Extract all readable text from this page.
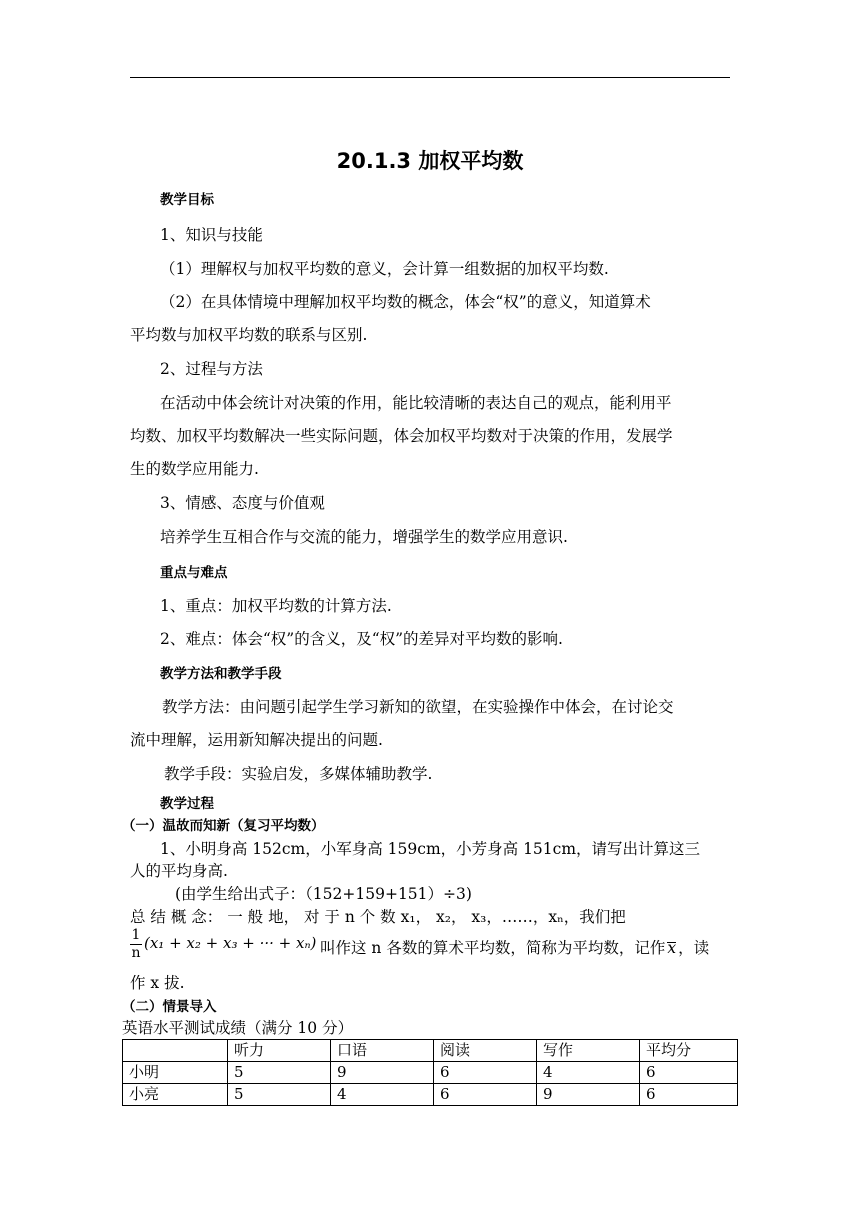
20.1.3 加权平均数
教学目标
1、知识与技能
（1）理解权与加权平均数的意义，会计算一组数据的加权平均数.
（2）在具体情境中理解加权平均数的概念，体会“权”的意义，知道算术
平均数与加权平均数的联系与区别.
2、过程与方法
在活动中体会统计对决策的作用，能比较清晰的表达自己的观点，能利用平
均数、加权平均数解决一些实际问题，体会加权平均数对于决策的作用，发展学
生的数学应用能力.
3、情感、态度与价值观
培养学生互相合作与交流的能力，增强学生的数学应用意识.
重点与难点
1、重点：加权平均数的计算方法.
2、难点：体会“权”的含义，及“权”的差异对平均数的影响.
教学方法和教学手段
教学方法：由问题引起学生学习新知的欲望，在实验操作中体会，在讨论交
流中理解，运用新知解决提出的问题.
教学手段：实验启发，多媒体辅助教学.
教学过程
（一）温故而知新（复习平均数）
1、小明身高 152cm，小军身高 159cm，小芳身高 151cm，请写出计算这三
人的平均身高.
(由学生给出式子：（152+159+151）÷3)
总 结 概 念： 一 般 地， 对 于 n 个 数 x₁， x₂， x₃，……，xₙ，我们把
1
n
(x₁ + x₂ + x₃ + ··· + xₙ) 叫作这 n 各数的算术平均数，简称为平均数，记作 x ，读
作 x 拔.
（二）情景导入
英语水平测试成绩（满分 10 分）
	听力	口语	阅读	写作	平均分
小明	5	9	6	4	6
小亮	5	4	6	9	6
